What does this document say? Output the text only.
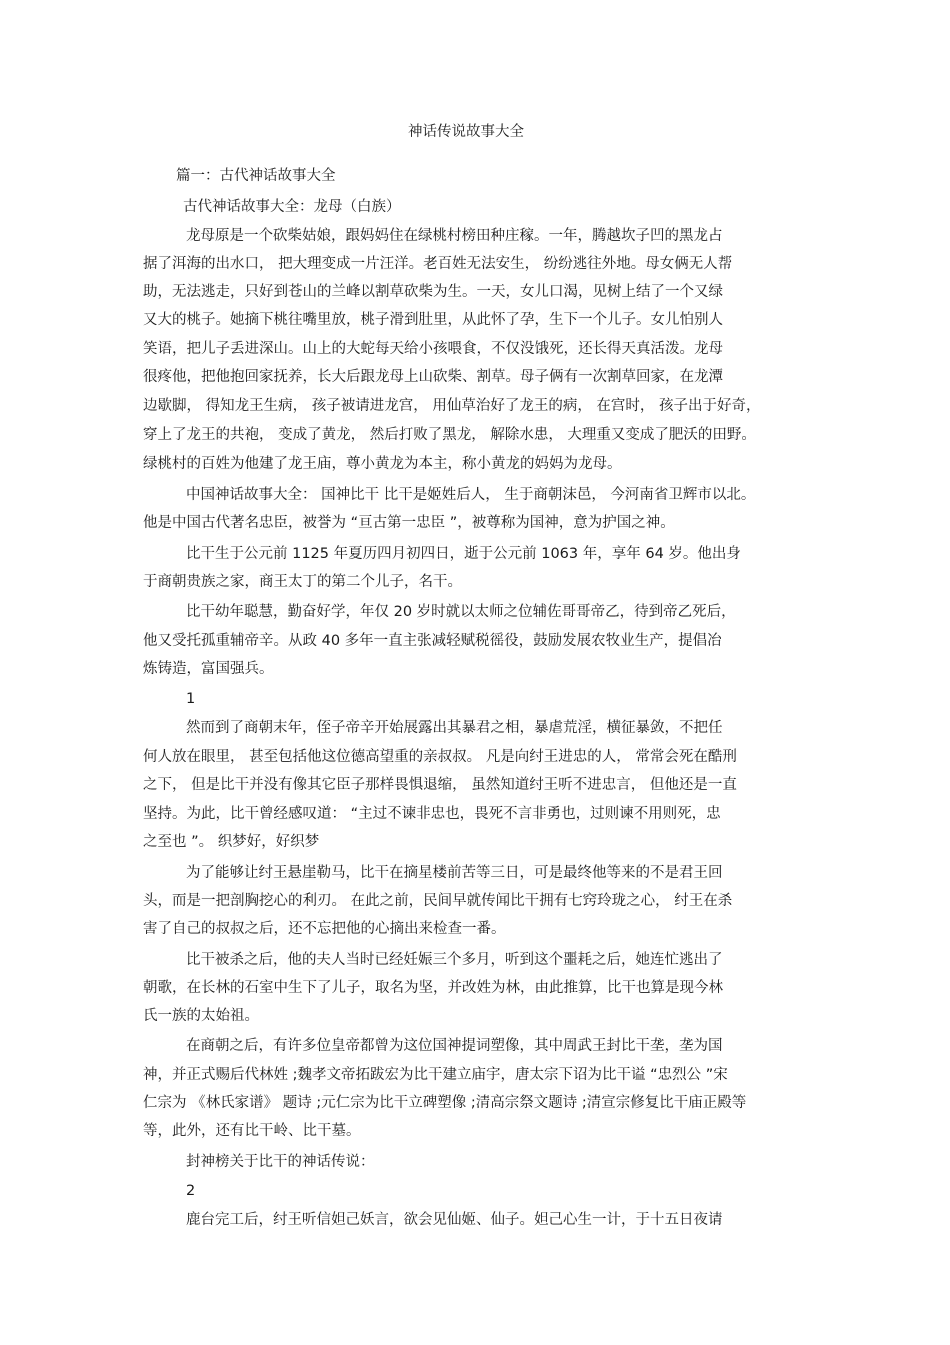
神话传说故事大全
篇一：古代神话故事大全
古代神话故事大全：龙母（白族）
龙母原是一个砍柴姑娘，跟妈妈住在绿桃村榜田种庄稼。一年，腾越坎子凹的黑龙占
据了洱海的出水口， 把大理变成一片汪洋。老百姓无法安生， 纷纷逃往外地。母女俩无人帮
助，无法逃走，只好到苍山的兰峰以割草砍柴为生。一天，女儿口渴，见树上结了一个又绿
又大的桃子。她摘下桃往嘴里放，桃子滑到肚里，从此怀了孕，生下一个儿子。女儿怕别人
笑语，把儿子丢进深山。山上的大蛇每天给小孩喂食，不仅没饿死，还长得天真活泼。龙母
很疼他，把他抱回家抚养，长大后跟龙母上山砍柴、割草。母子俩有一次割草回家，在龙潭
边歇脚， 得知龙王生病， 孩子被请进龙宫， 用仙草治好了龙王的病， 在宫时， 孩子出于好奇，
穿上了龙王的共袍， 变成了黄龙， 然后打败了黑龙， 解除水患， 大理重又变成了肥沃的田野。
绿桃村的百姓为他建了龙王庙，尊小黄龙为本主，称小黄龙的妈妈为龙母。
中国神话故事大全： 国神比干 比干是姬姓后人， 生于商朝沫邑， 今河南省卫辉市以北。
他是中国古代著名忠臣，被誉为 “亘古第一忠臣 ”，被尊称为国神，意为护国之神。
比干生于公元前 1125 年夏历四月初四日，逝于公元前 1063 年，享年 64 岁。他出身
于商朝贵族之家，商王太丁的第二个儿子，名干。
比干幼年聪慧，勤奋好学，年仅 20 岁时就以太师之位辅佐哥哥帝乙，待到帝乙死后，
他又受托孤重辅帝辛。从政 40 多年一直主张减轻赋税徭役，鼓励发展农牧业生产，提倡冶
炼铸造，富国强兵。
1
然而到了商朝末年，侄子帝辛开始展露出其暴君之相，暴虐荒淫，横征暴敛，不把任
何人放在眼里， 甚至包括他这位德高望重的亲叔叔。 凡是向纣王进忠的人， 常常会死在酷刑
之下， 但是比干并没有像其它臣子那样畏惧退缩， 虽然知道纣王听不进忠言， 但他还是一直
坚持。为此，比干曾经感叹道： “主过不谏非忠也，畏死不言非勇也，过则谏不用则死，忠
之至也 ”。 织梦好，好织梦
为了能够让纣王悬崖勒马，比干在摘星楼前苦等三日，可是最终他等来的不是君王回
头，而是一把剖胸挖心的利刃。 在此之前，民间早就传闻比干拥有七窍玲珑之心， 纣王在杀
害了自己的叔叔之后，还不忘把他的心摘出来检查一番。
比干被杀之后，他的夫人当时已经妊娠三个多月，听到这个噩耗之后，她连忙逃出了
朝歌，在长林的石室中生下了儿子，取名为坚，并改姓为林，由此推算，比干也算是现今林
氏一族的太始祖。
在商朝之后，有许多位皇帝都曾为这位国神提词塑像，其中周武王封比干垄，垄为国
神，并正式赐后代林姓 ;魏孝文帝拓跋宏为比干建立庙宇，唐太宗下诏为比干谥 “忠烈公 ”宋
仁宗为 《林氏家谱》 题诗 ;元仁宗为比干立碑塑像 ;清高宗祭文题诗 ;清宣宗修复比干庙正殿等
等，此外，还有比干岭、比干墓。
封神榜关于比干的神话传说：
2
鹿台完工后，纣王听信妲己妖言，欲会见仙姬、仙子。妲己心生一计，于十五日夜请
